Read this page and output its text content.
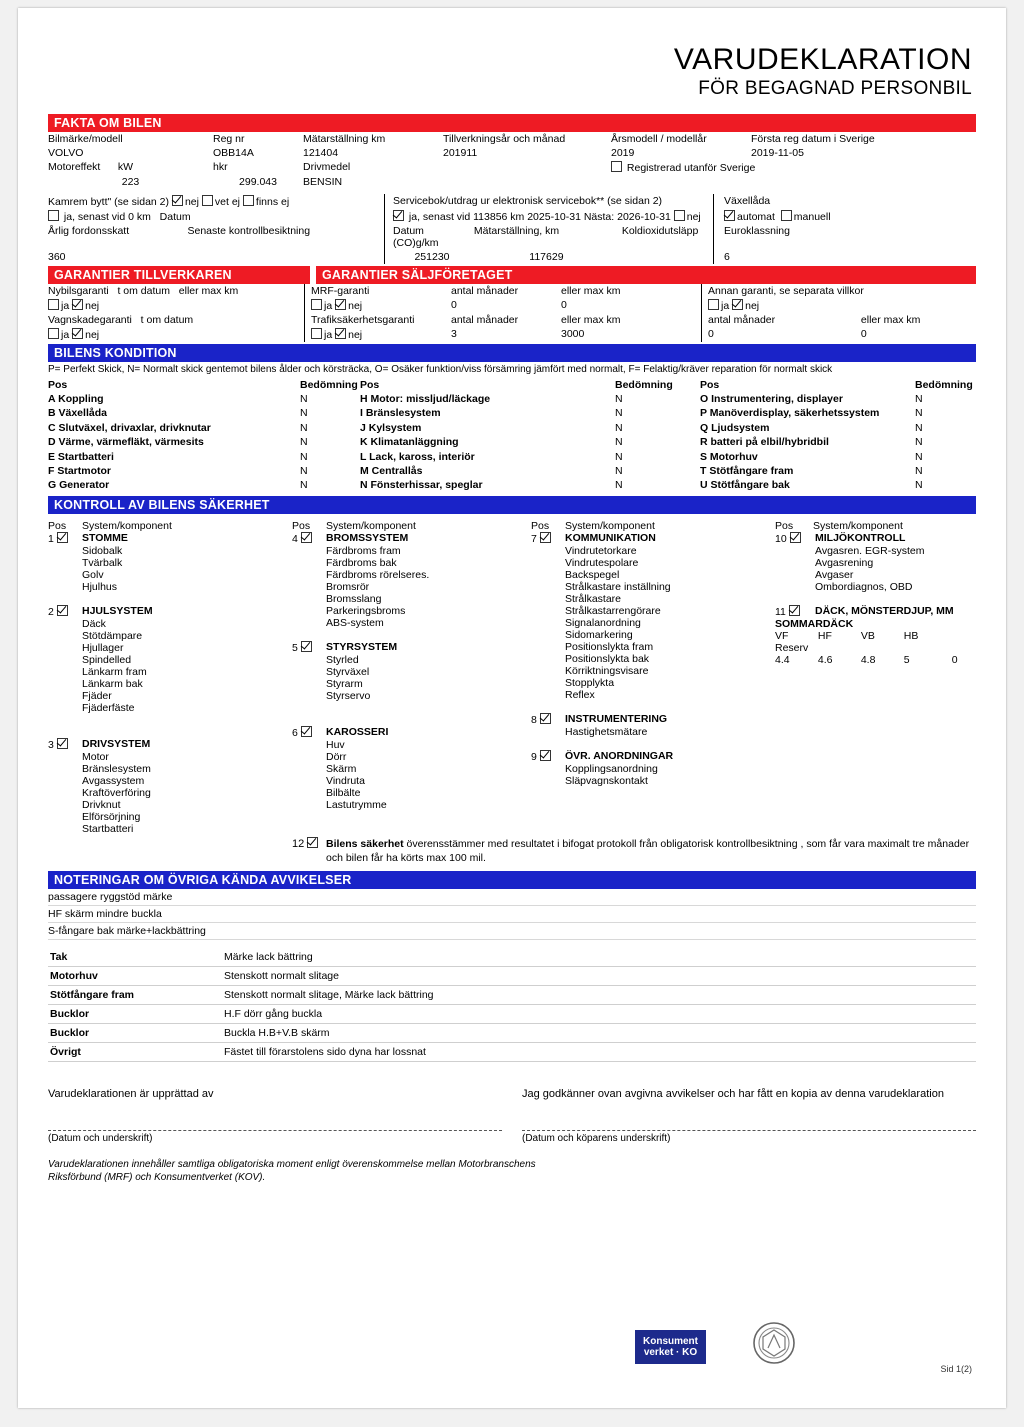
VARUDEKLARATION
FÖR BEGAGNAD PERSONBIL
FAKTA OM BILEN
Bilmärke/modell	Reg nr	Mätarställning km	Tillverkningsår och månad	Årsmodell / modellår	Första reg datum i Sverige
VOLVO	OBB14A	121404	201911	2019	2019-11-05
Motoreffekt kW	hkr	Drivmedel		Registrerad utanför Sverige	
223	299.043	BENSIN			
Kamrem bytt" (se sidan 2) nej vet ej finns ej	Servicebok/utdrag ur elektronisk servicebok** (se sidan 2)	Växellåda
ja, senast vid 0 km Datum	ja, senast vid 113856 km 2025-10-31 Nästa: 2026-10-31 nej	automat manuell
Årlig fordonsskatt Senaste kontrollbesiktning	Datum Mätarställning, km Koldioxidutsläpp (CO)g/km	Euroklassning
360	251230 117629	6
GARANTIER TILLVERKAREN	GARANTIER SÄLJFÖRETAGET
Nybilsgaranti t om datum eller max km	MRF-garanti	antal månader	eller max km	Annan garanti, se separata villkor
ja nej	ja nej	0	0	ja nej
Vagnskadegaranti t om datum	Trafiksäkerhetsgaranti	antal månader	eller max km	antal månader eller max km
ja nej	ja nej	3	3000	0 0
BILENS KONDITION
P= Perfekt Skick, N= Normalt skick gentemot bilens ålder och körsträcka, O= Osäker funktion/viss försämring jämfört med normalt, F= Felaktig/kräver reparation för normalt skick
Pos	Bedömning	Pos	Bedömning	Pos	Bedömning
A Koppling	N	H Motor: missljud/läckage	N	O Instrumentering, displayer	N
B Växellåda	N	I Bränslesystem	N	P Manöverdisplay, säkerhetssystem	N
C Slutväxel, drivaxlar, drivknutar	N	J Kylsystem	N	Q Ljudsystem	N
D Värme, värmefläkt, värmesits	N	K Klimatanläggning	N	R batteri på elbil/hybridbil	N
E Startbatteri	N	L Lack, kaross, interiör	N	S Motorhuv	N
F Startmotor	N	M Centrallås	N	T Stötfångare fram	N
G Generator	N	N Fönsterhissar, speglar	N	U Stötfångare bak	N
KONTROLL AV BILENS SÄKERHET
Pos	System/komponent	Pos	System/komponent	Pos	System/komponent	Pos	System/komponent

1	STOMME
	Sidobalk
	Tvärbalk
	Golv
	Hjulhus

2	HJULSYSTEM
	Däck
	Stötdämpare
	Hjullager
	Spindelled
	Länkarm fram
	Länkarm bak
	Fjäder
	Fjäderfäste

3	DRIVSYSTEM
	Motor
	Bränslesystem
	Avgassystem
	Kraftöverföring
	Drivknut
	Elförsörjning
	Startbatteri

4	BROMSSYSTEM
	Färdbroms fram
	Färdbroms bak
	Färdbroms rörelseres.
	Bromsrör
	Bromsslang
	Parkeringsbroms
	ABS-system

5	STYRSYSTEM
	Styrled
	Styrväxel
	Styrarm
	Styrservo

6	KAROSSERI
	Huv
	Dörr
	Skärm
	Vindruta
	Bilbälte
	Lastutrymme

7	KOMMUNIKATION
	Vindrutetorkare
	Vindrutespolare
	Backspegel
	Strålkastare inställning
	Strålkastare
	Strålkastarrengörare
	Signalanordning
	Sidomarkering
	Positionslykta fram
	Positionslykta bak
	Körriktningsvisare
	Stopplykta
	Reflex

8	INSTRUMENTERING
	Hastighetsmätare

9	ÖVR. ANORDNINGAR
	Kopplingsanordning
	Släpvagnskontakt

10	MILJÖKONTROLL
	Avgasren. EGR-system
	Avgasrening
	Avgaser
	Ombordiagnos, OBD

11	DÄCK, MÖNSTERDJUP, MM
SOMMARDÄCK
VF	HF	VB	HB Reserv
4.4	4.6	4.8	5	0
12	Bilens säkerhet överensstämmer med resultatet i bifogat protokoll från obligatorisk kontrollbesiktning , som får vara maximalt tre månader och bilen får ha körts max 100 mil.
NOTERINGAR OM ÖVRIGA KÄNDA AVVIKELSER
passagere ryggstöd märke
HF skärm mindre buckla
S-fångare bak märke+lackbättring
Tak	Märke lack bättring
Motorhuv	Stenskott normalt slitage
Stötfångare fram	Stenskott normalt slitage, Märke lack bättring
Bucklor	H.F dörr gång buckla
Bucklor	Buckla H.B+V.B skärm
Övrigt	Fästet till förarstolens sido dyna har lossnat
Varudeklarationen är upprättad av
(Datum och underskrift)
Jag godkänner ovan avgivna avvikelser och har fått en kopia av denna varudeklaration
(Datum och köparens underskrift)
Varudeklarationen innehåller samtliga obligatoriska moment enligt överenskommelse mellan Motorbranschens Riksförbund (MRF) och Konsumentverket (KOV).
Konsument
verket · KO
Sid 1(2)
